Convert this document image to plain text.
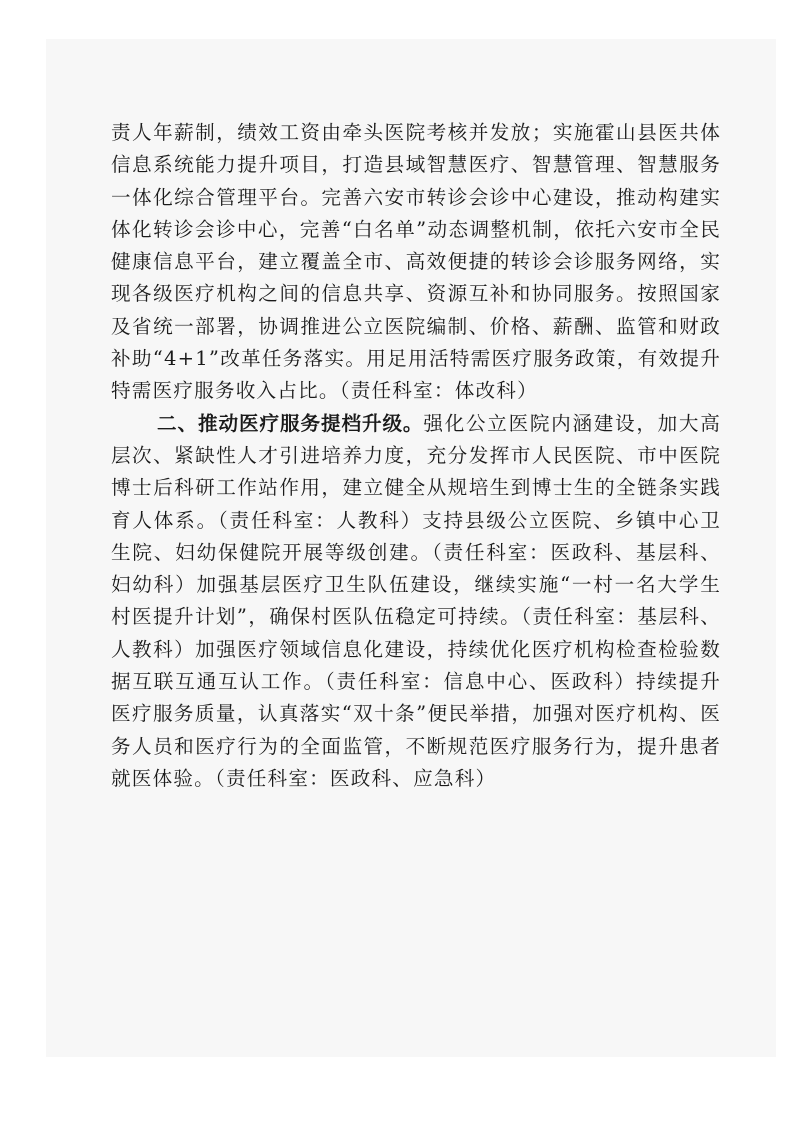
责人年薪制，绩效工资由牵头医院考核并发放；实施霍山县医共体信息系统能力提升项目，打造县域智慧医疗、智慧管理、智慧服务一体化综合管理平台。完善六安市转诊会诊中心建设，推动构建实体化转诊会诊中心，完善“白名单”动态调整机制，依托六安市全民健康信息平台，建立覆盖全市、高效便捷的转诊会诊服务网络，实现各级医疗机构之间的信息共享、资源互补和协同服务。按照国家及省统一部署，协调推进公立医院编制、价格、薪酬、监管和财政补助“4+1”改革任务落实。用足用活特需医疗服务政策，有效提升特需医疗服务收入占比。（责任科室：体改科）

二、推动医疗服务提档升级。强化公立医院内涵建设，加大高层次、紧缺性人才引进培养力度，充分发挥市人民医院、市中医院博士后科研工作站作用，建立健全从规培生到博士生的全链条实践育人体系。（责任科室：人教科）支持县级公立医院、乡镇中心卫生院、妇幼保健院开展等级创建。（责任科室：医政科、基层科、妇幼科）加强基层医疗卫生队伍建设，继续实施“一村一名大学生村医提升计划”，确保村医队伍稳定可持续。（责任科室：基层科、人教科）加强医疗领域信息化建设，持续优化医疗机构检查检验数据互联互通互认工作。（责任科室：信息中心、医政科）持续提升医疗服务质量，认真落实“双十条”便民举措，加强对医疗机构、医务人员和医疗行为的全面监管，不断规范医疗服务行为，提升患者就医体验。（责任科室：医政科、应急科）
